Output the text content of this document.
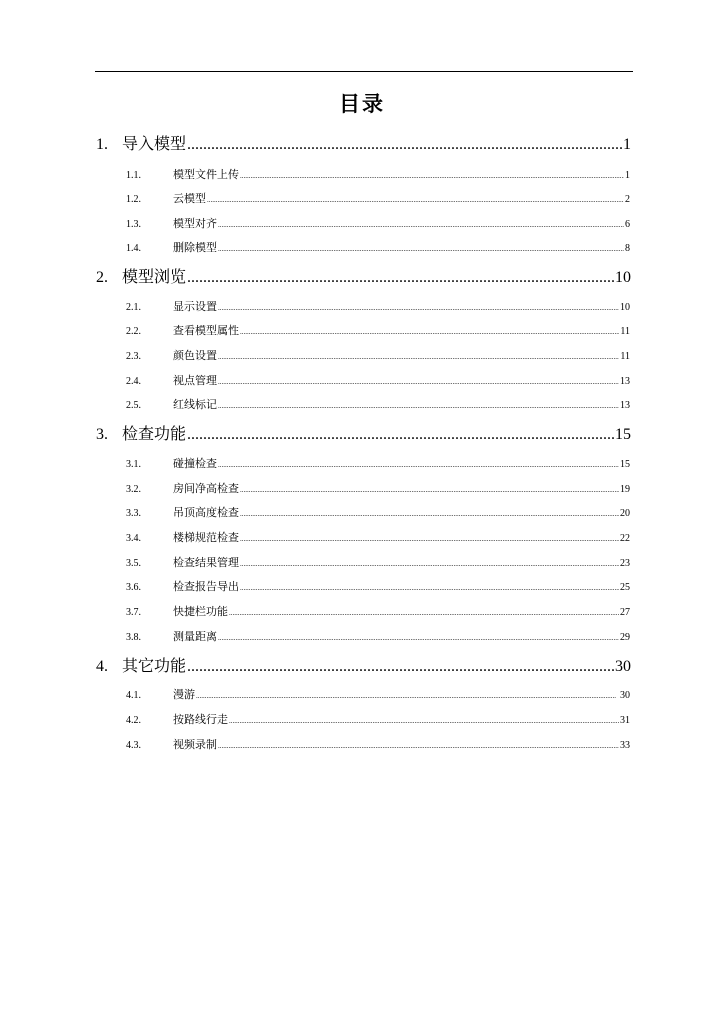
目录
1. 导入模型 .....	1
1.1.	模型文件上传 .....	1
1.2.	云模型 .....	2
1.3.	模型对齐 .....	6
1.4.	删除模型 .....	8
2. 模型浏览 .....	10
2.1.	显示设置 .....	10
2.2.	查看模型属性 .....	11
2.3.	颜色设置 .....	11
2.4.	视点管理 .....	13
2.5.	红线标记 .....	13
3. 检查功能 .....	15
3.1.	碰撞检查 .....	15
3.2.	房间净高检查 .....	19
3.3.	吊顶高度检查 .....	20
3.4.	楼梯规范检查 .....	22
3.5.	检查结果管理 .....	23
3.6.	检查报告导出 .....	25
3.7.	快捷栏功能 .....	27
3.8.	测量距离 .....	29
4. 其它功能 .....	30
4.1.	漫游 .....	30
4.2.	按路线行走 .....	31
4.3.	视频录制 .....	33
